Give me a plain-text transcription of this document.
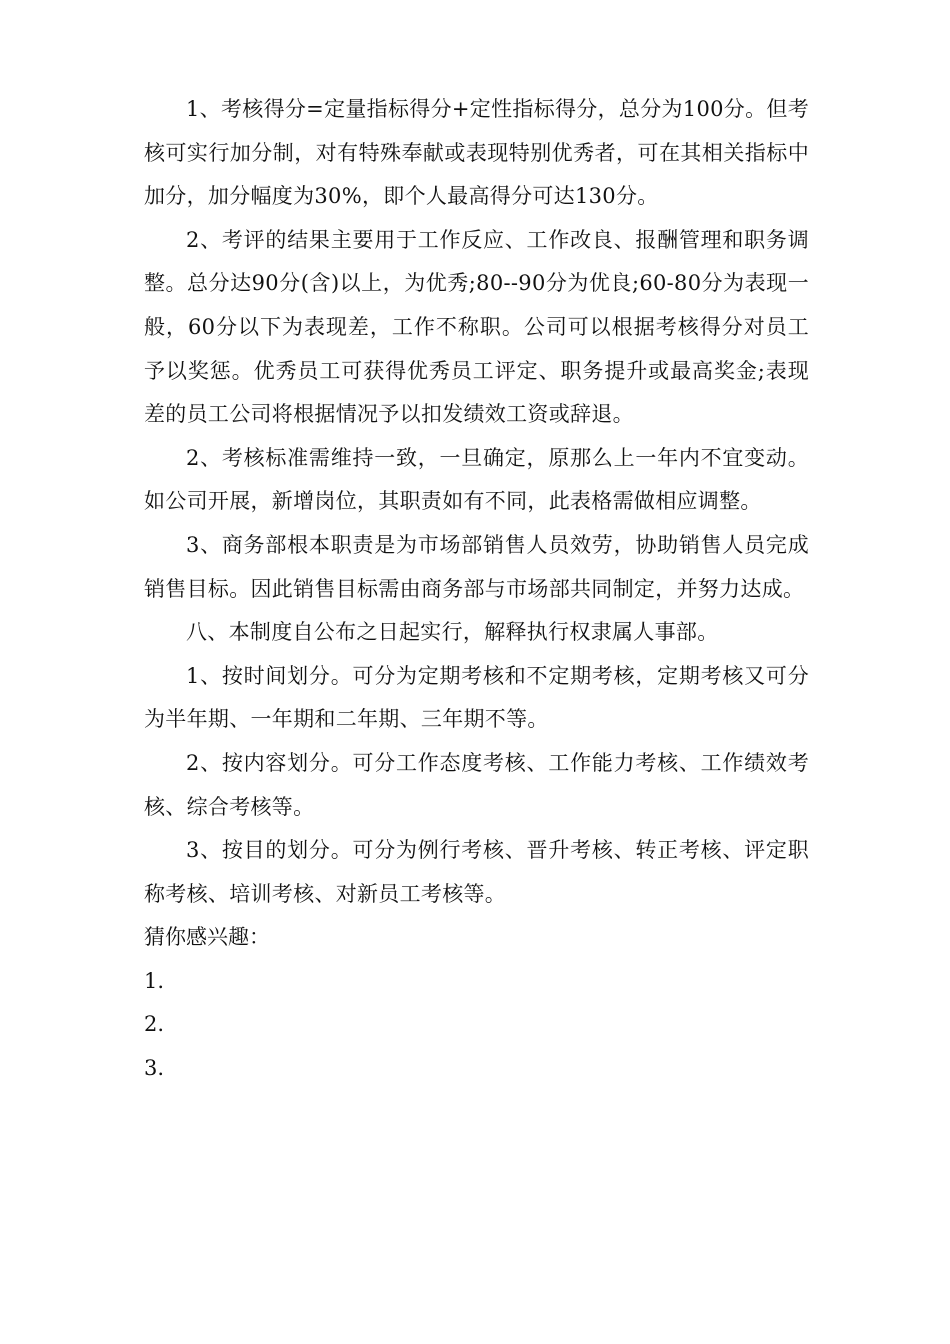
1、考核得分=定量指标得分+定性指标得分，总分为100分。但考核可实行加分制，对有特殊奉献或表现特别优秀者，可在其相关指标中加分，加分幅度为30%，即个人最高得分可达130分。

2、考评的结果主要用于工作反应、工作改良、报酬管理和职务调整。总分达90分(含)以上，为优秀;80--90分为优良;60-80分为表现一般，60分以下为表现差，工作不称职。公司可以根据考核得分对员工予以奖惩。优秀员工可获得优秀员工评定、职务提升或最高奖金;表现差的员工公司将根据情况予以扣发绩效工资或辞退。

2、考核标准需维持一致，一旦确定，原那么上一年内不宜变动。如公司开展，新增岗位，其职责如有不同，此表格需做相应调整。

3、商务部根本职责是为市场部销售人员效劳，协助销售人员完成销售目标。因此销售目标需由商务部与市场部共同制定，并努力达成。

八、本制度自公布之日起实行，解释执行权隶属人事部。

1、按时间划分。可分为定期考核和不定期考核，定期考核又可分为半年期、一年期和二年期、三年期不等。

2、按内容划分。可分工作态度考核、工作能力考核、工作绩效考核、综合考核等。

3、按目的划分。可分为例行考核、晋升考核、转正考核、评定职称考核、培训考核、对新员工考核等。

猜你感兴趣：

1.

2.

3.
